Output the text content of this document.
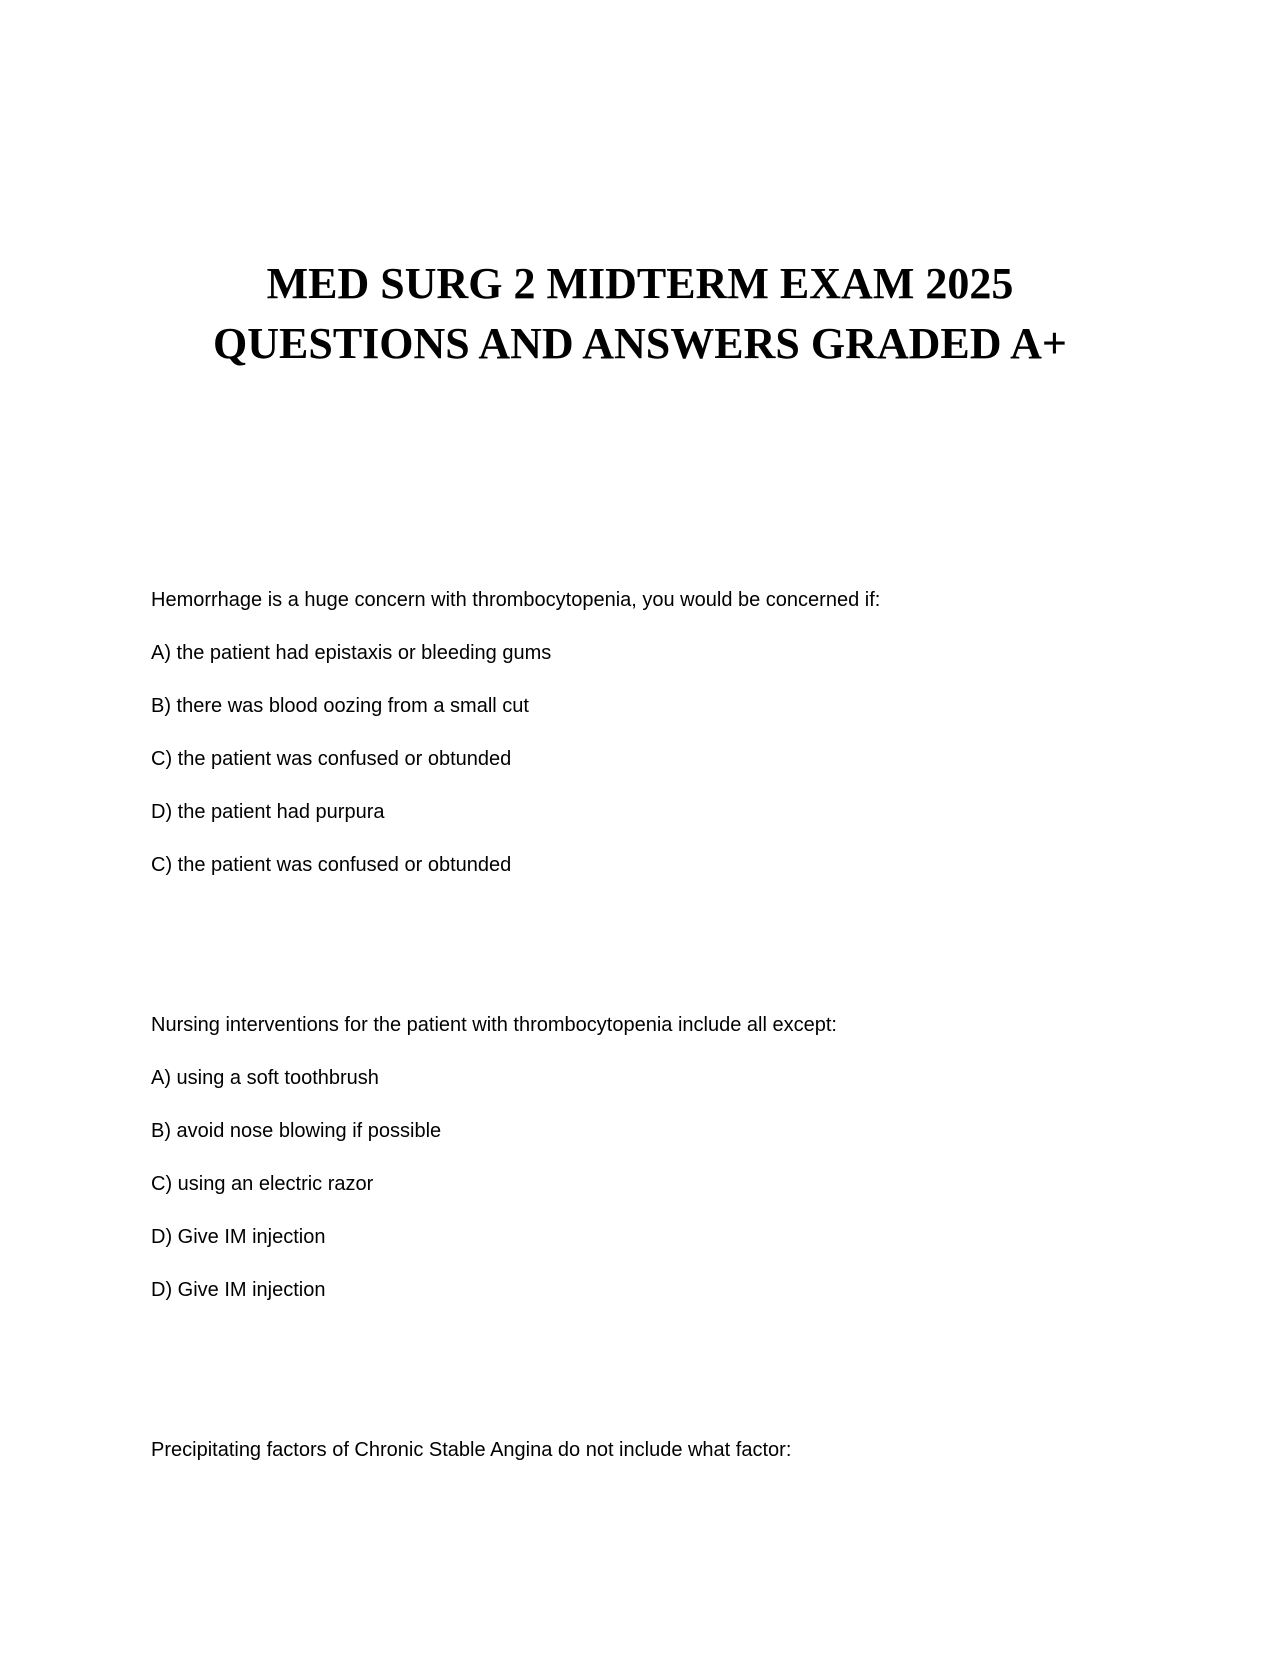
MED SURG 2 MIDTERM EXAM 2025
QUESTIONS AND ANSWERS GRADED A+
Hemorrhage is a huge concern with thrombocytopenia, you would be concerned if:
A) the patient had epistaxis or bleeding gums
B) there was blood oozing from a small cut
C) the patient was confused or obtunded
D) the patient had purpura
C) the patient was confused or obtunded
Nursing interventions for the patient with thrombocytopenia include all except:
A) using a soft toothbrush
B) avoid nose blowing if possible
C) using an electric razor
D) Give IM injection
D) Give IM injection
Precipitating factors of Chronic Stable Angina do not include what factor:
